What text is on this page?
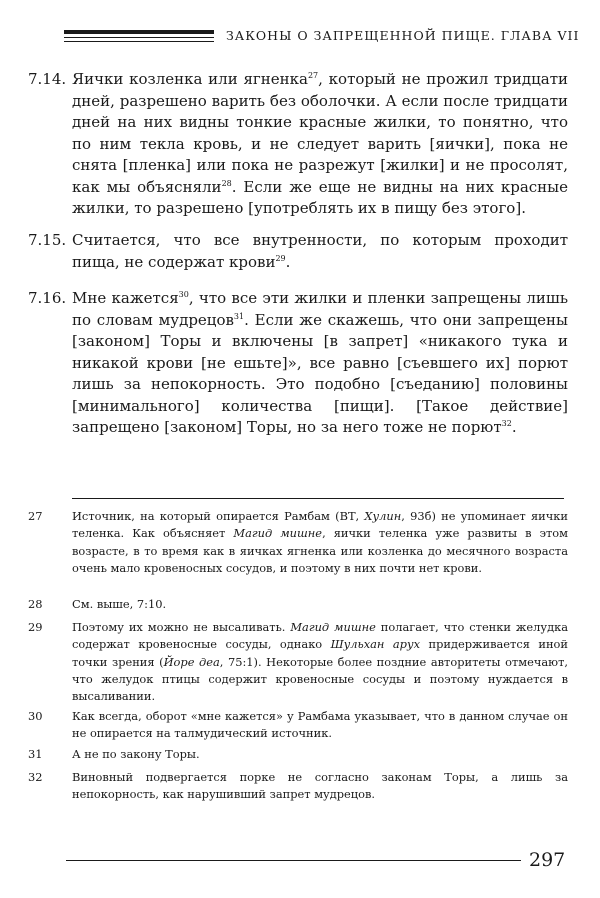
ЗАКОНЫ О ЗАПРЕЩЕННОЙ ПИЩЕ. ГЛАВА VII
7.14. Яички козленка или ягненка$^{27}$, который не прожил тридцати дней, разрешено варить без оболочки. А если после тридцати дней на них видны тонкие красные жилки, то понятно, что по ним текла кровь, и не следует варить [яички], пока не снята [пленка] или пока не разрежут [жилки] и не просолят, как мы объясняли$^{28}$. Если же еще не видны на них красные жилки, то разрешено [употреблять их в пищу без этого].
7.15. Считается, что все внутренности, по которым проходит пища, не содержат крови$^{29}$.
7.16. Мне кажется$^{30}$, что все эти жилки и пленки запрещены лишь по словам мудрецов$^{31}$. Если же скажешь, что они запрещены [законом] Торы и включены [в запрет] «никакого тука и никакой крови [не ешьте]», все равно [съевшего их] порют лишь за непокорность. Это подобно [съеданию] половины [минимального] количества [пищи]. [Такое действие] запрещено [законом] Торы, но за него тоже не порют$^{32}$.
27	Источник, на который опирается Рамбам (ВТ, Хулин, 93б) не упоминает яички теленка. Как объясняет Магид мишне, яички теленка уже развиты в этом возрасте, в то время как в яичках ягненка или козленка до месячного возраста очень мало кровеносных сосудов, и поэтому в них почти нет крови.
28	См. выше, 7:10.
29	Поэтому их можно не высаливать. Магид мишне полагает, что стенки желудка содержат кровеносные сосуды, однако Шульхан арух придерживается иной точки зрения (Йоре деа, 75:1). Некоторые более поздние авторитеты отмечают, что желудок птицы содержит кровеносные сосуды и поэтому нуждается в высаливании.
30	Как всегда, оборот «мне кажется» у Рамбама указывает, что в данном случае он не опирается на талмудический источник.
31	А не по закону Торы.
32	Виновный подвергается порке не согласно законам Торы, а лишь за непокорность, как нарушивший запрет мудрецов.
297
